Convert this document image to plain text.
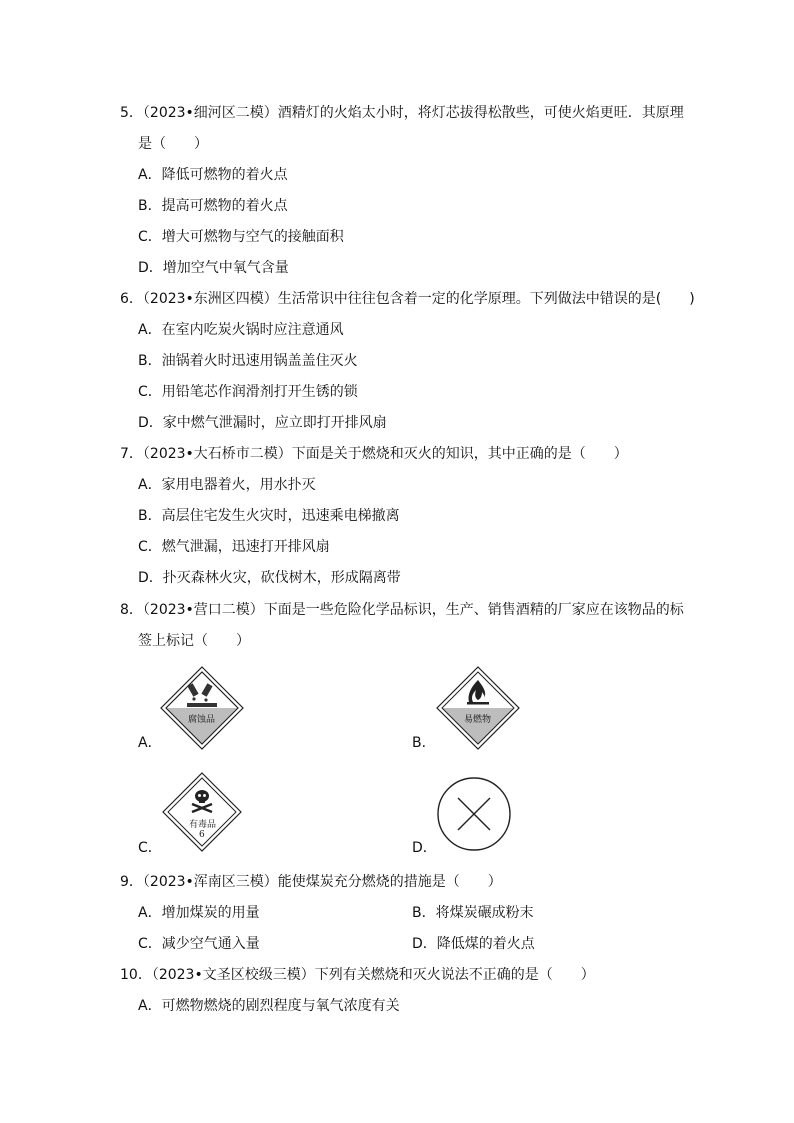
5．（2023•细河区二模）酒精灯的火焰太小时，将灯芯拔得松散些，可使火焰更旺．其原理
是（　　）
A．降低可燃物的着火点
B．提高可燃物的着火点
C．增大可燃物与空气的接触面积
D．增加空气中氧气含量
6．（2023•东洲区四模）生活常识中往往包含着一定的化学原理。下列做法中错误的是(　　)
A．在室内吃炭火锅时应注意通风
B．油锅着火时迅速用锅盖盖住灭火
C．用铅笔芯作润滑剂打开生锈的锁
D．家中燃气泄漏时，应立即打开排风扇
7．（2023•大石桥市二模）下面是关于燃烧和灭火的知识，其中正确的是（　　）
A．家用电器着火，用水扑灭
B．高层住宅发生火灾时，迅速乘电梯撤离
C．燃气泄漏，迅速打开排风扇
D．扑灭森林火灾，砍伐树木，形成隔离带
8．（2023•营口二模）下面是一些危险化学品标识，生产、销售酒精的厂家应在该物品的标
签上标记（　　）
腐蚀品
A．
易燃物
B．
有毒品
6
C．	D．
9．（2023•浑南区三模）能使煤炭充分燃烧的措施是（　　）
A．增加煤炭的用量	B．将煤炭碾成粉末
C．减少空气通入量	D．降低煤的着火点
10．（2023•文圣区校级三模）下列有关燃烧和灭火说法不正确的是（　　）
A．可燃物燃烧的剧烈程度与氧气浓度有关
